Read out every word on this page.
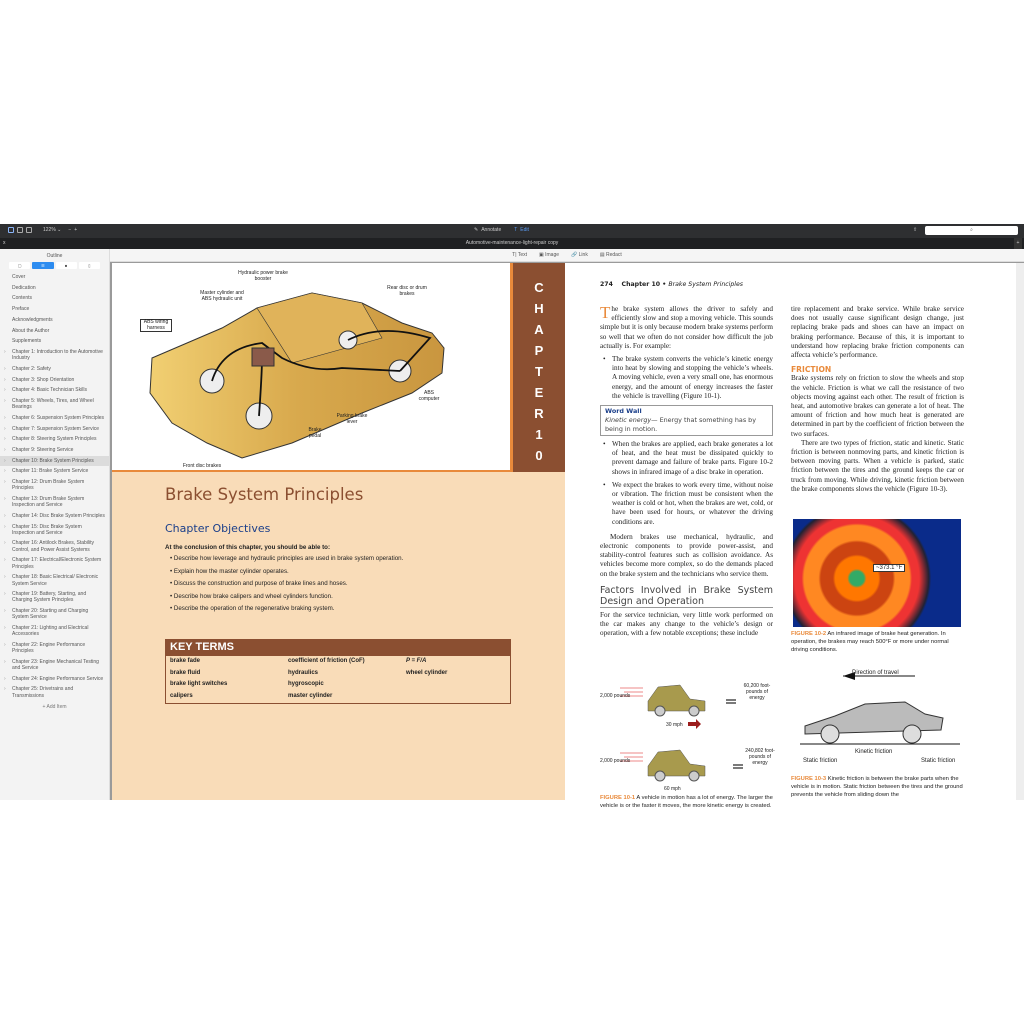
122% ⌄ − +	✎ Annotate	T Edit	⇧	⌕
x	Automotive-maintenance-light-repair copy	+
Outline
▢	☰	■	▯
Cover
Dedication
Contents
Preface
Acknowledgments
About the Author
Supplements
› Chapter 1: Introduction to the Automotive Industry
› Chapter 2: Safety
› Chapter 3: Shop Orientation
› Chapter 4: Basic Technician Skills
› Chapter 5: Wheels, Tires, and Wheel Bearings
› Chapter 6: Suspension System Principles
› Chapter 7: Suspension System Service
› Chapter 8: Steering System Principles
› Chapter 9: Steering Service
› Chapter 10: Brake System Principles
› Chapter 11: Brake System Service
› Chapter 12: Drum Brake System Principles
› Chapter 13: Drum Brake System Inspection and Service
› Chapter 14: Disc Brake System Principles
› Chapter 15: Disc Brake System Inspection and Service
› Chapter 16: Antilock Brakes, Stability Control, and Power Assist Systems
› Chapter 17: Electrical/Electronic System Principles
› Chapter 18: Basic Electrical/ Electronic System Service
› Chapter 19: Battery, Starting, and Charging System Principles
› Chapter 20: Starting and Charging System Service
› Chapter 21: Lighting and Electrical Accessories
› Chapter 22: Engine Performance Principles
› Chapter 23: Engine Mechanical Testing and Service
› Chapter 24: Engine Performance Service
› Chapter 25: Drivetrains and Transmissions
+ Add Item
T| Text ▣ Image 🔗 Link ▤ Redact
Hydraulic power brake booster
Master cylinder and ABS hydraulic unit
ABS wiring harness
Rear disc or drum brakes
ABS computer
Parking brake lever
Brake pedal
Front disc brakes
C
H
A
P
T
E
R
1
0
Brake System Principles
Chapter Objectives
At the conclusion of this chapter, you should be able to:
• Describe how leverage and hydraulic principles are used in brake system operation.
• Explain how the master cylinder operates.
• Discuss the construction and purpose of brake lines and hoses.
• Describe how brake calipers and wheel cylinders function.
• Describe the operation of the regenerative braking system.
KEY TERMS
brake fade	coefficient of friction (CoF)	P = F/A
brake fluid	hydraulics	wheel cylinder
brake light switches	hygroscopic
calipers	master cylinder
274 Chapter 10 • Brake System Principles

The brake system allows the driver to safely and efficiently slow and stop a moving vehicle. This sounds simple but it is only because modern brake systems perform so well that we often do not consider how difficult the job actually is. For example:

• The brake system converts the vehicle’s kinetic energy into heat by slowing and stopping the vehicle’s wheels. A moving vehicle, even a very small one, has enormous energy, and the amount of energy increases the faster the vehicle is travelling (Figure 10-1).

Word Wall
Kinetic energy— Energy that something has by being in motion.

• When the brakes are applied, each brake generates a lot of heat, and the heat must be dissipated quickly to prevent damage and failure of brake parts. Figure 10-2 shows in infrared image of a disc brake in operation.

• We expect the brakes to work every time, without noise or vibration. The friction must be consistent when the weather is cold or hot, when the brakes are wet, cold, or have been used for hours, or whatever the driving conditions are.

Modern brakes use mechanical, hydraulic, and electronic components to provide power-assist, and stability-control features such as collision avoidance. As vehicles become more complex, so do the demands placed on the brake system and the technicians who service them.

Factors Involved in Brake System Design and Operation

For the service technician, very little work performed on the car makes any change to the vehicle’s design or operation, with a few notable exceptions; these include

2,000 pounds
60,200 foot-pounds of energy
30 mph
2,000 pounds
240,802 foot-pounds of energy
60 mph
FIGURE 10-1 A vehicle in motion has a lot of energy. The larger the vehicle is or the faster it moves, the more kinetic energy is created.

tire replacement and brake service. While brake service does not usually cause significant design change, just replacing brake pads and shoes can have an impact on braking performance. Because of this, it is important to understand how replacing brake friction components can affecta vehicle’s performance.

FRICTION

Brake systems rely on friction to slow the wheels and stop the vehicle. Friction is what we call the resistance of two objects moving against each other. The result of friction is heat, and automotive brakes can generate a lot of heat. The amount of friction and how much heat is generated are determined in part by the coefficient of friction between the two surfaces.

There are two types of friction, static and kinetic. Static friction is between nonmoving parts, and kinetic friction is between moving parts. When a vehicle is parked, static friction between the tires and the ground keeps the car or truck from moving. While driving, kinetic friction between the brake components slows the vehicle (Figure 10-3).

~373.1 °F
FIGURE 10-2 An infrared image of brake heat generation. In operation, the brakes may reach 500°F or more under normal driving conditions.
Direction of travel
Kinetic friction
Static friction	Static friction
FIGURE 10-3 Kinetic friction is between the brake parts when the vehicle is in motion. Static friction between the tires and the ground prevents the vehicle from sliding down the
